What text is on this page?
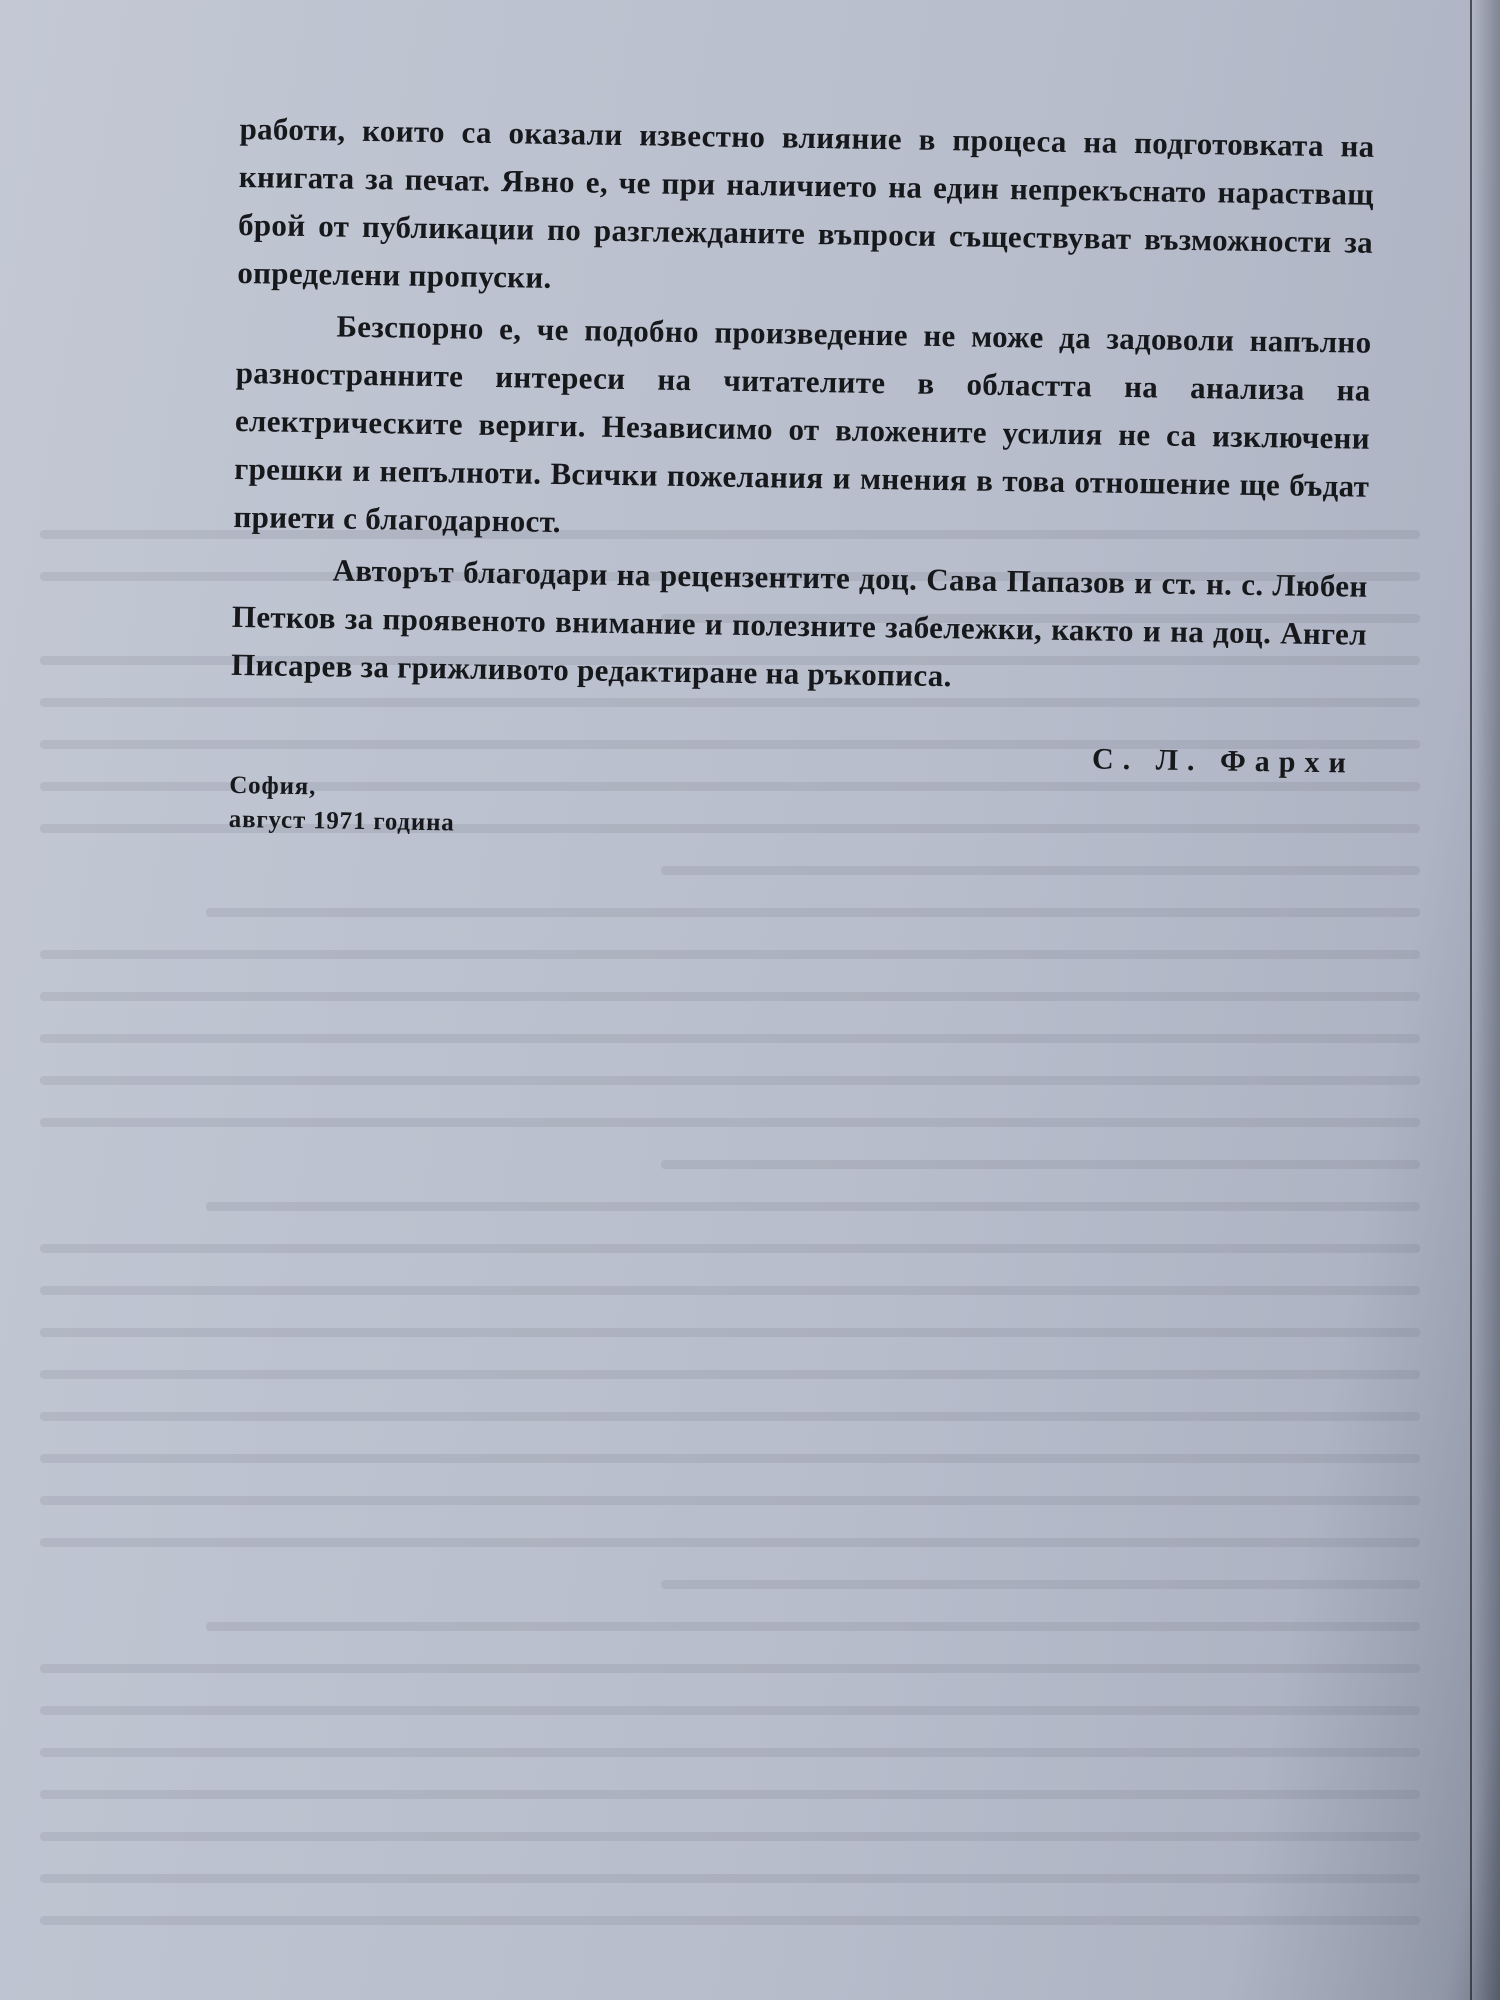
работи, които са оказали известно влияние в процеса на подготовката на книгата за печат. Явно е, че при наличието на един непрекъснато нарастващ брой от публикации по разглежданите въпроси съществуват възможности за определени пропуски.

Безспорно е, че подобно произведение не може да задоволи напълно разностранните интереси на читателите в областта на анализа на електрическите вериги. Независимо от вложените усилия не са изключени грешки и непълноти. Всички пожелания и мнения в това отношение ще бъдат приети с благодарност.

Авторът благодари на рецензентите доц. Сава Папазов и ст. н. с. Любен Петков за проявеното внимание и полезните забележки, както и на доц. Ангел Писарев за грижливото редактиране на ръкописа.

С. Л. Фархи
София,
август 1971 година
